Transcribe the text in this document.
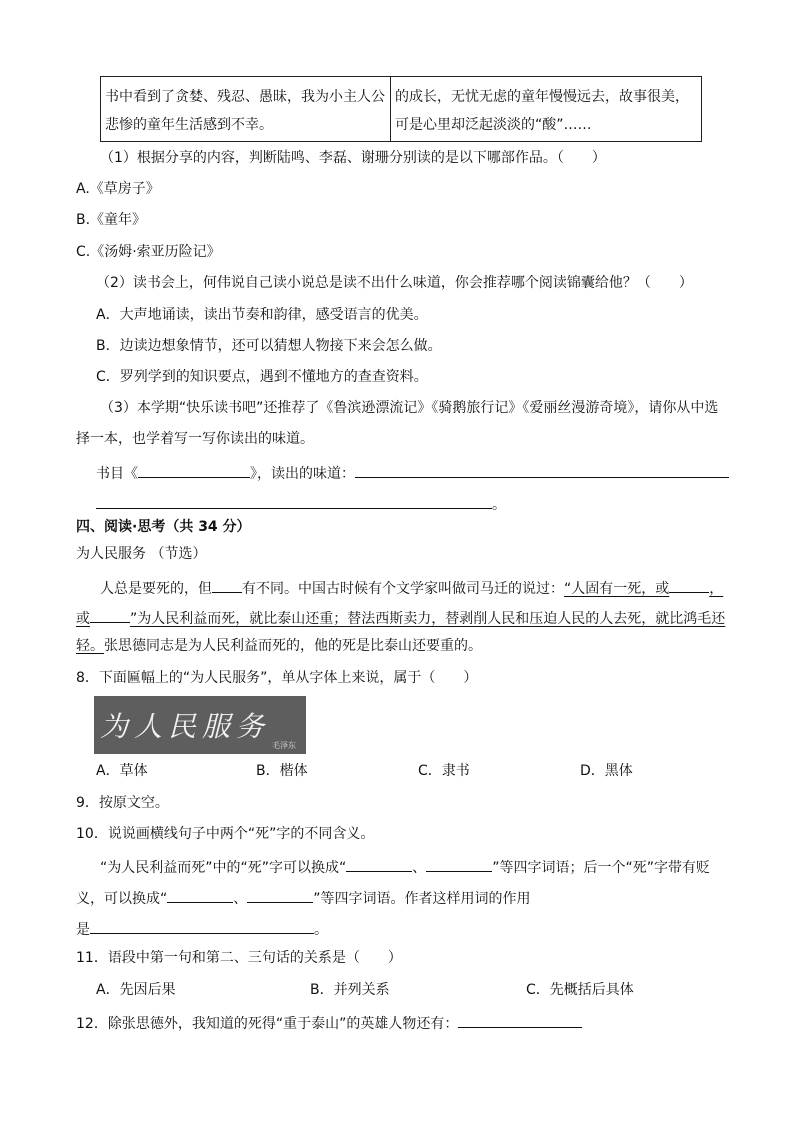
书中看到了贪婪、残忍、愚昧，我为小主人公悲惨的童年生活感到不幸。	的成长，无忧无虑的童年慢慢远去，故事很美，可是心里却泛起淡淡的“酸”……
（1）根据分享的内容，判断陆鸣、李磊、谢珊分别读的是以下哪部作品。（　　）
A.《草房子》
B.《童年》
C.《汤姆·索亚历险记》
（2）读书会上，何伟说自己读小说总是读不出什么味道，你会推荐哪个阅读锦囊给他？（　　）
A．大声地诵读，读出节奏和韵律，感受语言的优美。
B．边读边想象情节，还可以猜想人物接下来会怎么做。
C．罗列学到的知识要点，遇到不懂地方的查查资料。
（3）本学期“快乐读书吧”还推荐了《鲁滨逊漂流记》《骑鹅旅行记》《爱丽丝漫游奇境》，请你从中选
择一本，也学着写一写你读出的味道。
书目《	》，读出的味道：
。
四、阅读·思考（共 34 分）
为人民服务 （节选）
人总是要死的，但 有不同。中国古时候有个文学家叫做司马迁的说过：“人固有一死，或	，
或	”为人民利益而死，就比泰山还重；替法西斯卖力，替剥削人民和压迫人民的人去死，就比鸿毛还
轻。张思德同志是为人民利益而死的，他的死是比泰山还要重的。
8．下面匾幅上的“为人民服务”，单从字体上来说，属于（　　）
为人民服务
毛泽东
A．草体	B．楷体	C．隶书	D．黑体
9．按原文空。
10．说说画横线句子中两个“死”字的不同含义。
“为人民利益而死”中的“死”字可以换成“	、	”等四字词语；后一个“死”字带有贬
义，可以换成“	、	”等四字词语。作者这样用词的作用
是	。
11．语段中第一句和第二、三句话的关系是（　　）
A．先因后果	B．并列关系	C．先概括后具体
12．除张思德外，我知道的死得“重于泰山”的英雄人物还有：
